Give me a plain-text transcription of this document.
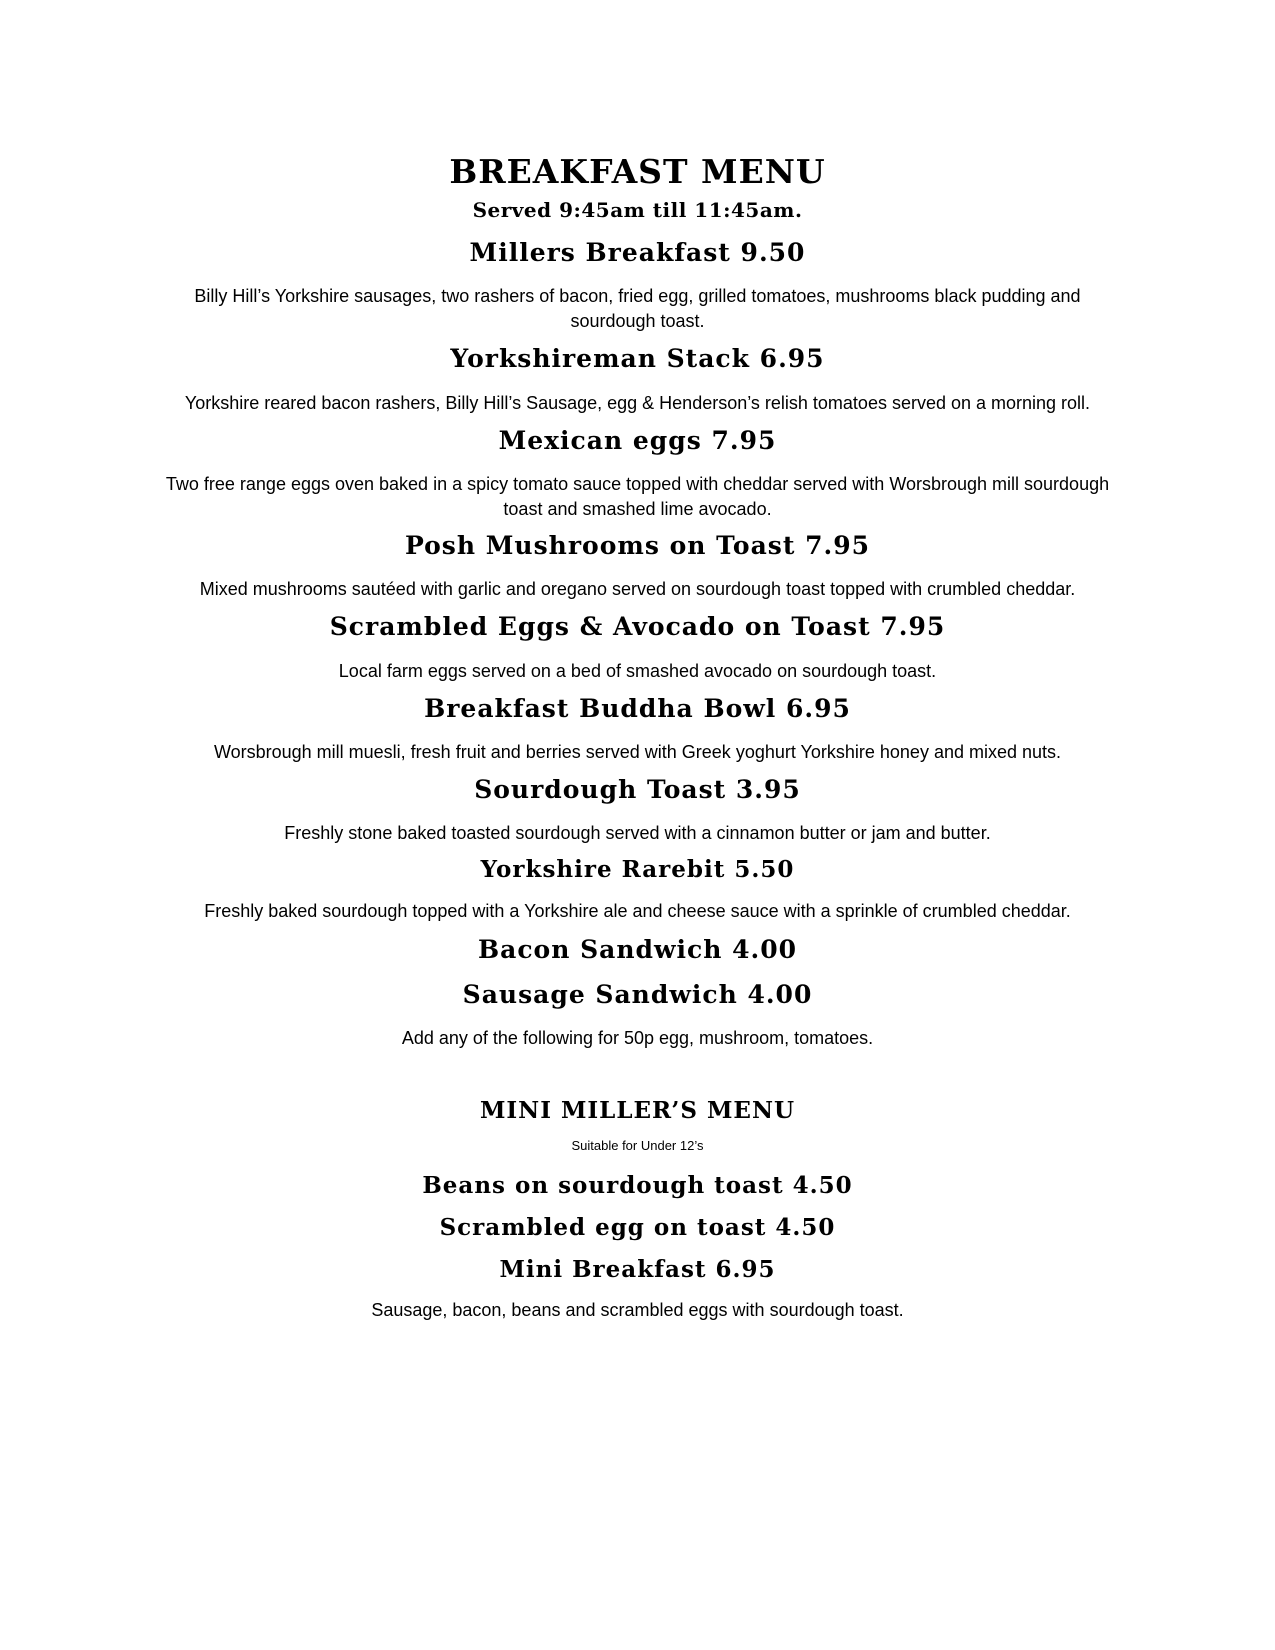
BREAKFAST MENU
Served 9:45am till 11:45am.
Millers Breakfast 9.50
Billy Hill’s Yorkshire sausages, two rashers of bacon, fried egg, grilled tomatoes, mushrooms black pudding and sourdough toast.
Yorkshireman Stack 6.95
Yorkshire reared bacon rashers, Billy Hill’s Sausage, egg & Henderson’s relish tomatoes served on a morning roll.
Mexican eggs 7.95
Two free range eggs oven baked in a spicy tomato sauce topped with cheddar served with Worsbrough mill sourdough toast and smashed lime avocado.
Posh Mushrooms on Toast 7.95
Mixed mushrooms sautéed with garlic and oregano served on sourdough toast topped with crumbled cheddar.
Scrambled Eggs & Avocado on Toast 7.95
Local farm eggs served on a bed of smashed avocado on sourdough toast.
Breakfast Buddha Bowl 6.95
Worsbrough mill muesli, fresh fruit and berries served with Greek yoghurt Yorkshire honey and mixed nuts.
Sourdough Toast 3.95
Freshly stone baked toasted sourdough served with a cinnamon butter or jam and butter.
Yorkshire Rarebit 5.50
Freshly baked sourdough topped with a Yorkshire ale and cheese sauce with a sprinkle of crumbled cheddar.
Bacon Sandwich 4.00
Sausage Sandwich 4.00
Add any of the following for 50p egg, mushroom, tomatoes.
MINI MILLER’S MENU
Suitable for Under 12’s
Beans on sourdough toast 4.50
Scrambled egg on toast 4.50
Mini Breakfast 6.95
Sausage, bacon, beans and scrambled eggs with sourdough toast.
